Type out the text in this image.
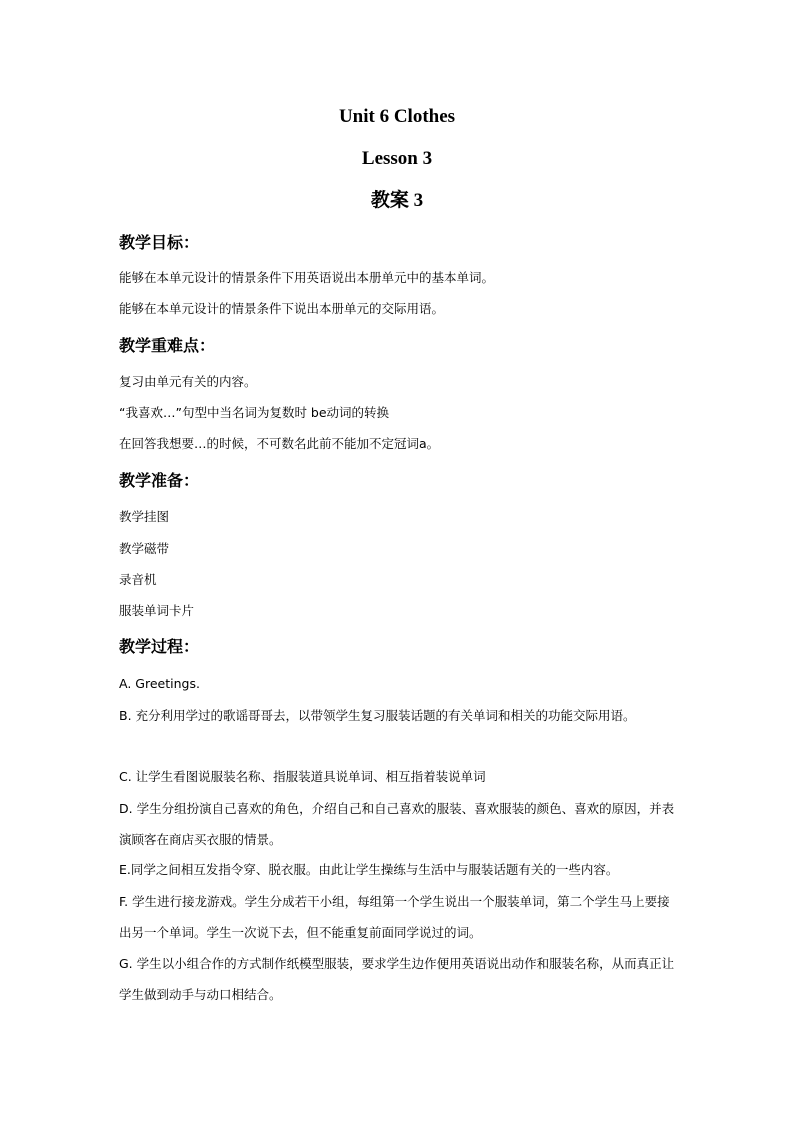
Unit 6 Clothes
Lesson 3
教案 3
教学目标：

能够在本单元设计的情景条件下用英语说出本册单元中的基本单词。

能够在本单元设计的情景条件下说出本册单元的交际用语。

教学重难点：

复习由单元有关的内容。

“我喜欢…”句型中当名词为复数时 be动词的转换

在回答我想要…的时候，不可数名此前不能加不定冠词a。

教学准备：

教学挂图

教学磁带

录音机

服装单词卡片

教学过程：

A. Greetings.

B. 充分利用学过的歌谣哥哥去，以带领学生复习服装话题的有关单词和相关的功能交际用语。

C. 让学生看图说服装名称、指服装道具说单词、相互指着装说单词

D. 学生分组扮演自己喜欢的角色，介绍自己和自己喜欢的服装、喜欢服装的颜色、喜欢的原因，并表演顾客在商店买衣服的情景。

E.同学之间相互发指令穿、脱衣服。由此让学生操练与生活中与服装话题有关的一些内容。

F. 学生进行接龙游戏。学生分成若干小组，每组第一个学生说出一个服装单词，第二个学生马上要接出另一个单词。学生一次说下去，但不能重复前面同学说过的词。

G. 学生以小组合作的方式制作纸模型服装，要求学生边作便用英语说出动作和服装名称，从而真正让学生做到动手与动口相结合。
